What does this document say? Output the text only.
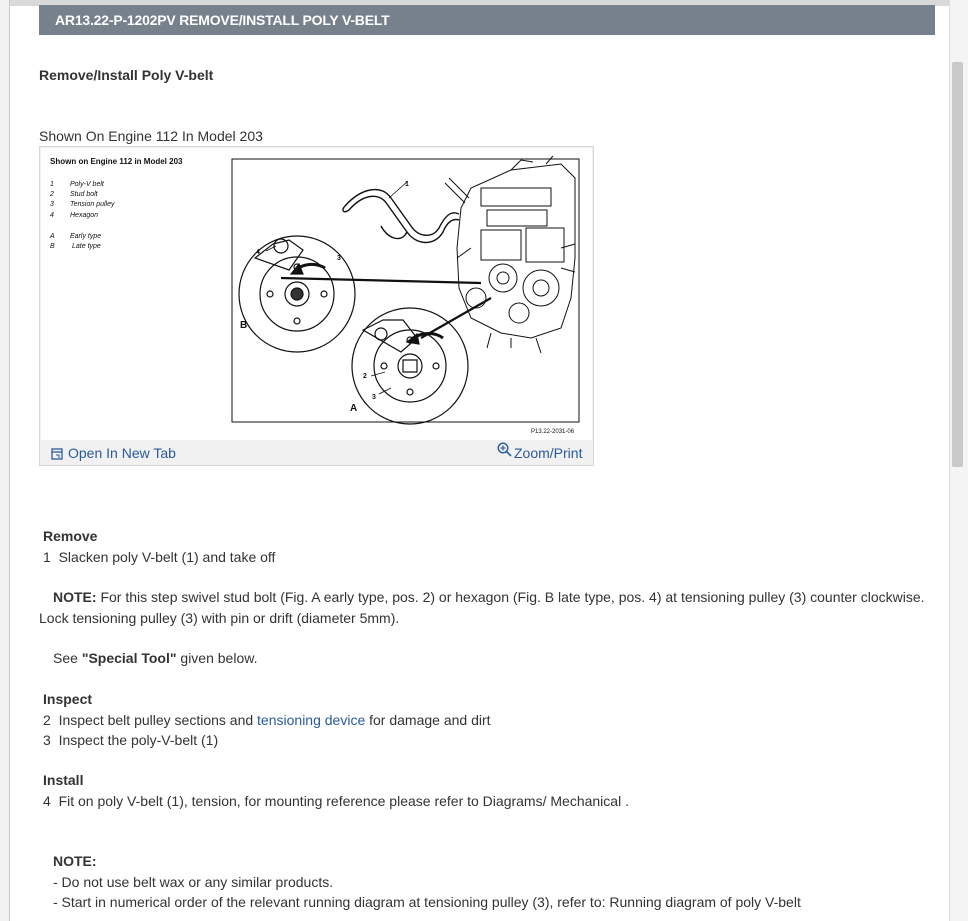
AR13.22-P-1202PV REMOVE/INSTALL POLY V-BELT
Remove/Install Poly V-belt
Shown On Engine 112 In Model 203
Shown on Engine 112 in Model 203
1 Poly-V belt
2 Stud bolt
3 Tension pulley
4 Hexagon
A Early type
B Late type
1
4
3
B
2
3
A
P13.22-2031-06
Open In New Tab	Zoom/Print
Remove
1 Slacken poly V-belt (1) and take off
NOTE: For this step swivel stud bolt (Fig. A early type, pos. 2) or hexagon (Fig. B late type, pos. 4) at tensioning pulley (3) counter clockwise.
Lock tensioning pulley (3) with pin or drift (diameter 5mm).
See "Special Tool" given below.
Inspect
2 Inspect belt pulley sections and tensioning device for damage and dirt
3 Inspect the poly-V-belt (1)
Install
4 Fit on poly V-belt (1), tension, for mounting reference please refer to Diagrams/ Mechanical .
NOTE:
- Do not use belt wax or any similar products.
- Start in numerical order of the relevant running diagram at tensioning pulley (3), refer to: Running diagram of poly V-belt
